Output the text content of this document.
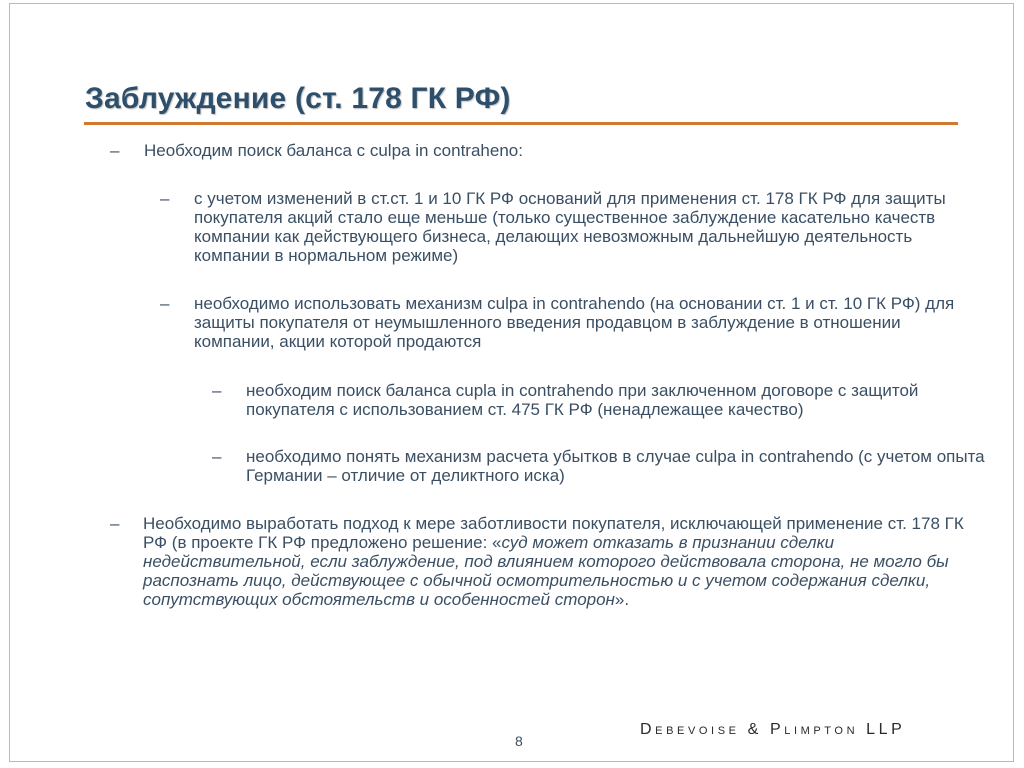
Заблуждение (ст. 178 ГК РФ)
– Необходим поиск баланса с culpa in contraheno:
– с учетом изменений в ст.ст. 1 и 10 ГК РФ оснований для применения ст. 178 ГК РФ для защиты покупателя акций стало еще меньше (только существенное заблуждение касательно качеств компании как действующего бизнеса, делающих невозможным дальнейшую деятельность компании в нормальном режиме)
– необходимо использовать механизм culpa in contrahendo (на основании ст. 1 и ст. 10 ГК РФ) для защиты покупателя от неумышленного введения продавцом в заблуждение в отношении компании, акции которой продаются
– необходим поиск баланса cupla in contrahendo при заключенном договоре с защитой покупателя с использованием ст. 475 ГК РФ (ненадлежащее качество)
– необходимо понять механизм расчета убытков в случае culpa in contrahendo (с учетом опыта Германии – отличие от деликтного иска)
– Необходимо выработать подход к мере заботливости покупателя, исключающей применение ст. 178 ГК РФ (в проекте ГК РФ предложено решение: «суд может отказать в признании сделки недействительной, если заблуждение, под влиянием которого действовала сторона, не могло бы распознать лицо, действующее с обычной осмотрительностью и с учетом содержания сделки, сопутствующих обстоятельств и особенностей сторон».
8
Debevoise & Plimpton LLP
